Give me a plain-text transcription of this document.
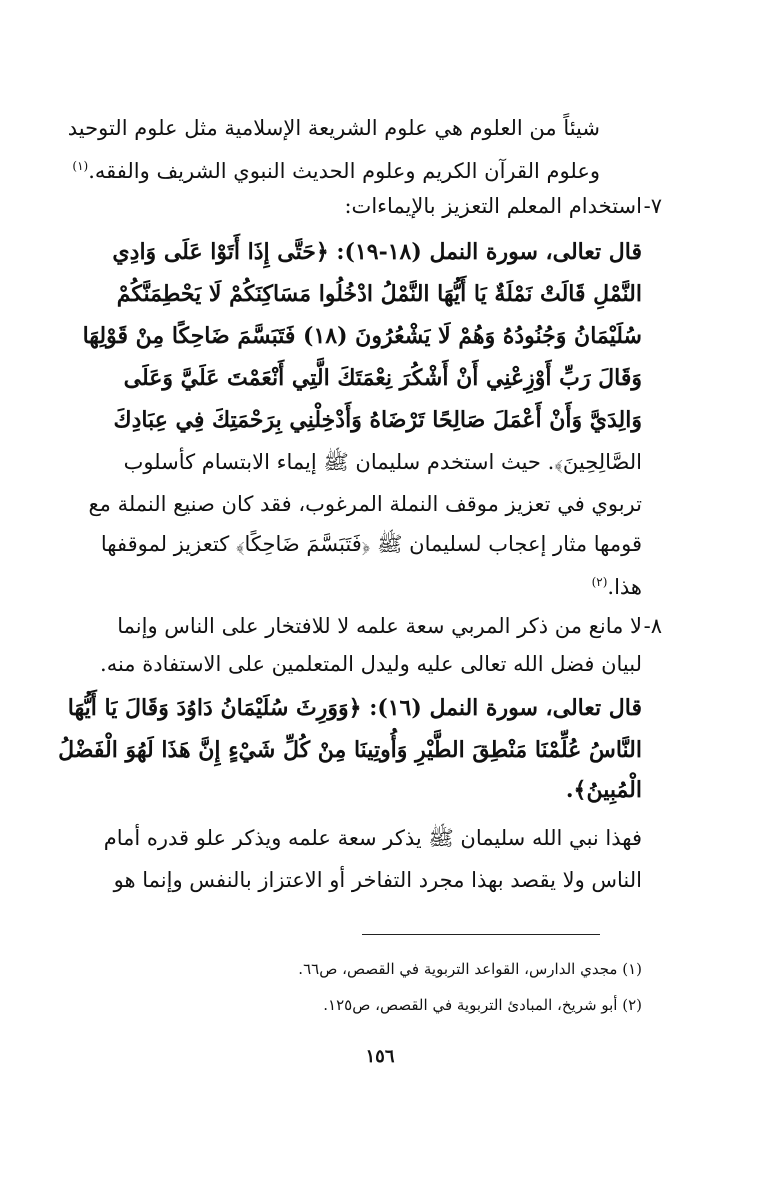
شيئاً من العلوم هي علوم الشريعة الإسلامية مثل علوم التوحيد
وعلوم القرآن الكريم وعلوم الحديث النبوي الشريف والفقه.$^{(١)}$
٧-
استخدام المعلم التعزيز بالإيماءات:
قال تعالى، سورة النمل (١٨-١٩): ﴿حَتَّى إِذَا أَتَوْا عَلَى وَادِي
النَّمْلِ قَالَتْ نَمْلَةٌ يَا أَيُّهَا النَّمْلُ ادْخُلُوا مَسَاكِنَكُمْ لَا يَحْطِمَنَّكُمْ
سُلَيْمَانُ وَجُنُودُهُ وَهُمْ لَا يَشْعُرُونَ (١٨) فَتَبَسَّمَ ضَاحِكًا مِنْ قَوْلِهَا
وَقَالَ رَبِّ أَوْزِعْنِي أَنْ أَشْكُرَ نِعْمَتَكَ الَّتِي أَنْعَمْتَ عَلَيَّ وَعَلَى
وَالِدَيَّ وَأَنْ أَعْمَلَ صَالِحًا تَرْضَاهُ وَأَدْخِلْنِي بِرَحْمَتِكَ فِي عِبَادِكَ
الصَّالِحِينَ﴾. حيث استخدم سليمان ﷺ إيماء الابتسام كأسلوب
تربوي في تعزيز موقف النملة المرغوب، فقد كان صنيع النملة مع
قومها مثار إعجاب لسليمان ﷺ ﴿فَتَبَسَّمَ ضَاحِكًا﴾ كتعزيز لموقفها
هذا.$^{(٢)}$
٨-
لا مانع من ذكر المربي سعة علمه لا للافتخار على الناس وإنما
لبيان فضل الله تعالى عليه وليدل المتعلمين على الاستفادة منه.
قال تعالى، سورة النمل (١٦): ﴿وَوَرِثَ سُلَيْمَانُ دَاوُدَ وَقَالَ يَا أَيُّهَا
النَّاسُ عُلِّمْنَا مَنْطِقَ الطَّيْرِ وَأُوتِينَا مِنْ كُلِّ شَيْءٍ إِنَّ هَذَا لَهُوَ الْفَضْلُ
الْمُبِينُ﴾.
فهذا نبي الله سليمان ﷺ يذكر سعة علمه ويذكر علو قدره أمام
الناس ولا يقصد بهذا مجرد التفاخر أو الاعتزاز بالنفس وإنما هو
(١) مجدي الدارس، القواعد التربوية في القصص، ص٦٦.
(٢) أبو شريخ، المبادئ التربوية في القصص، ص١٢٥.
١٥٦
